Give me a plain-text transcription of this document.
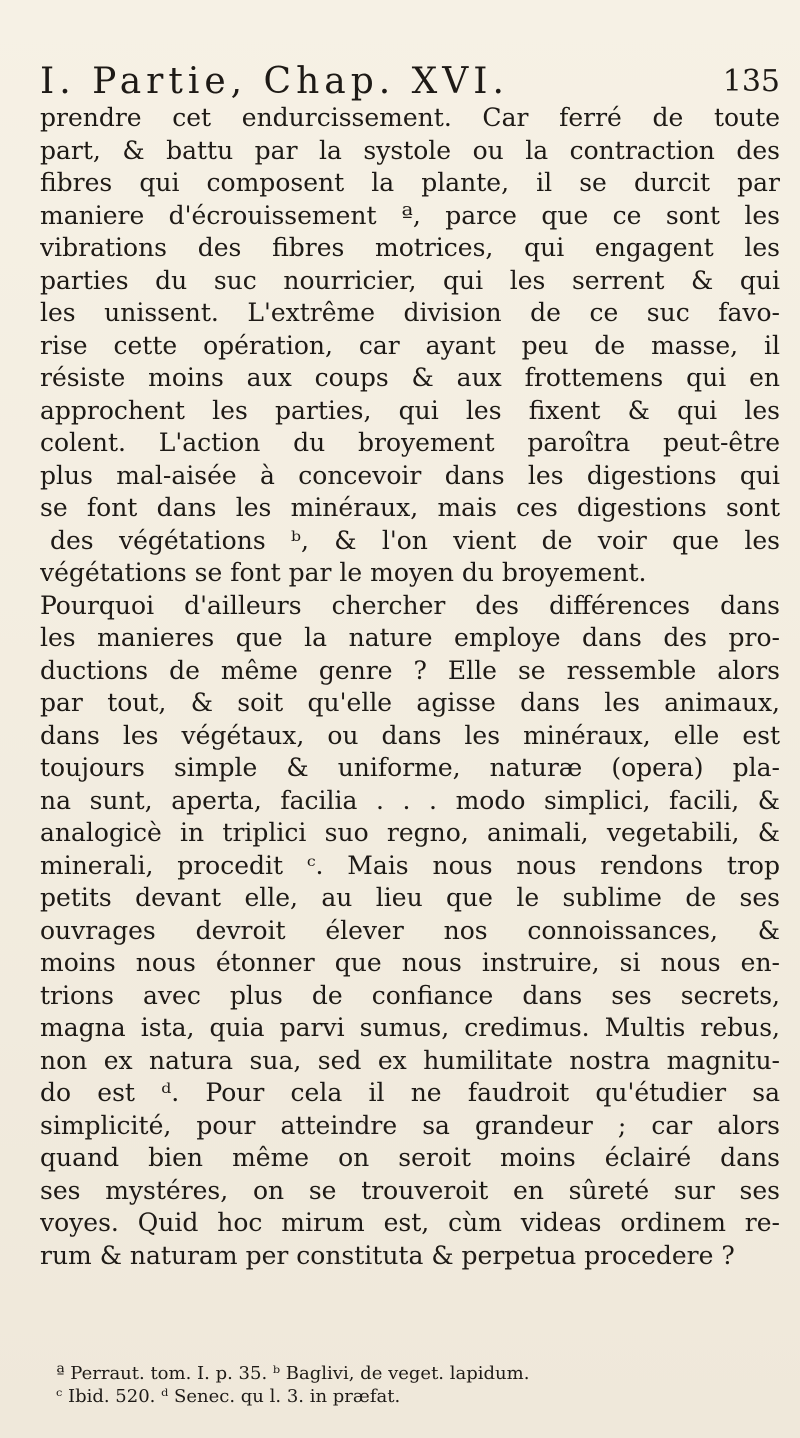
I. Partie, Chap. XVI.	135
prendre cet endurcissement. Car ferré de toute
part, & battu par la systole ou la contraction des
fibres qui composent la plante, il se durcit par
maniere d'écrouissement ª, parce que ce sont les
vibrations des fibres motrices, qui engagent les
parties du suc nourricier, qui les serrent & qui
les unissent. L'extrême division de ce suc favo-
rise cette opération, car ayant peu de masse, il
résiste moins aux coups & aux frottemens qui en
approchent les parties, qui les fixent & qui les
colent. L'action du broyement paroîtra peut-être
plus mal-aisée à concevoir dans les digestions qui
se font dans les minéraux, mais ces digestions sont
des végétations ᵇ, & l'on vient de voir que les
végétations se font par le moyen du broyement.
Pourquoi d'ailleurs chercher des différences dans
les manieres que la nature employe dans des pro-
ductions de même genre ? Elle se ressemble alors
par tout, & soit qu'elle agisse dans les animaux,
dans les végétaux, ou dans les minéraux, elle est
toujours simple & uniforme, naturæ (opera) pla-
na sunt, aperta, facilia . . . modo simplici, facili, &
analogicè in triplici suo regno, animali, vegetabili, &
minerali, procedit ᶜ. Mais nous nous rendons trop
petits devant elle, au lieu que le sublime de ses
ouvrages devroit élever nos connoissances, &
moins nous étonner que nous instruire, si nous en-
trions avec plus de confiance dans ses secrets,
magna ista, quia parvi sumus, credimus. Multis rebus,
non ex natura sua, sed ex humilitate nostra magnitu-
do est ᵈ. Pour cela il ne faudroit qu'étudier sa
simplicité, pour atteindre sa grandeur ; car alors
quand bien même on seroit moins éclairé dans
ses mystéres, on se trouveroit en sûreté sur ses
voyes. Quid hoc mirum est, cùm videas ordinem re-
rum & naturam per constituta & perpetua procedere ?
ª Perraut. tom. I. p. 35. ᵇ Baglivi, de veget. lapidum.
ᶜ Ibid. 520. ᵈ Senec. qu l. 3. in præfat.
